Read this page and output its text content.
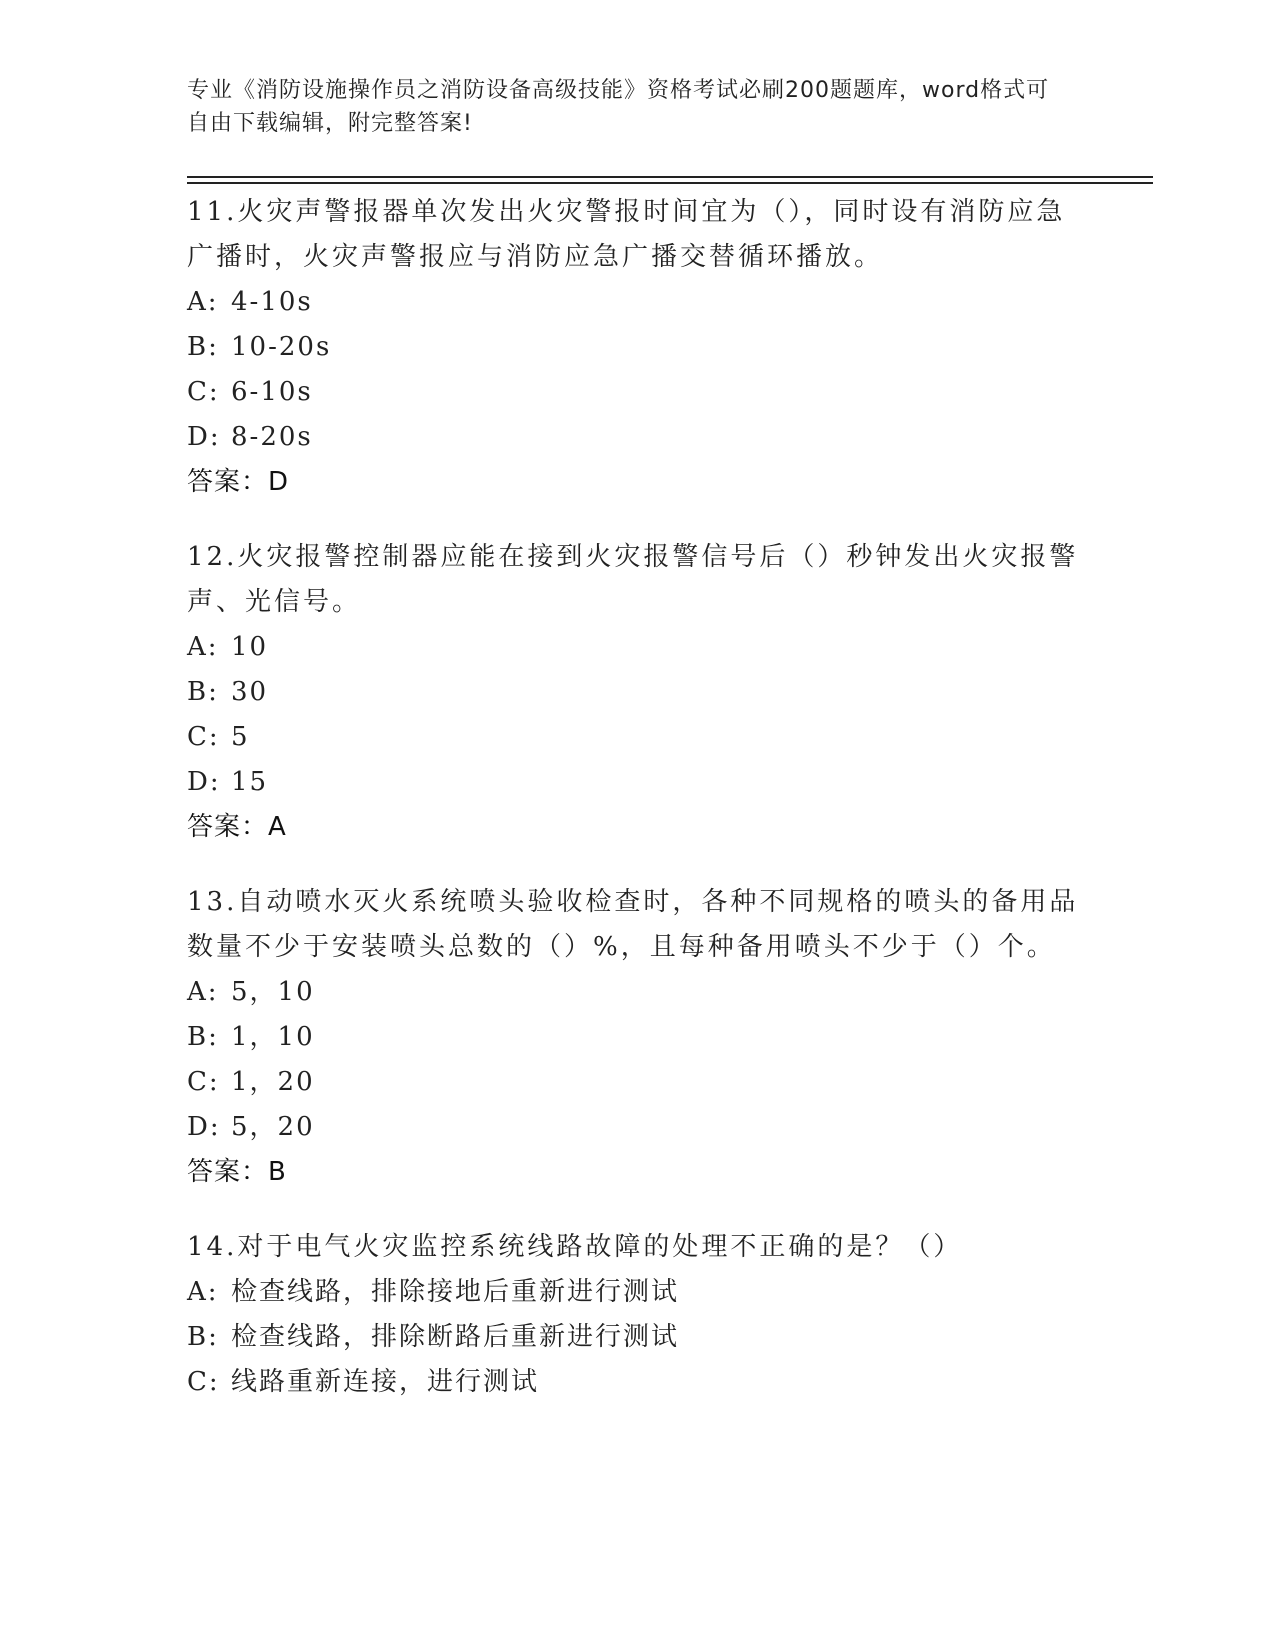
专业《消防设施操作员之消防设备高级技能》资格考试必刷200题题库，word格式可自由下载编辑，附完整答案!

11.火灾声警报器单次发出火灾警报时间宜为（），同时设有消防应急广播时，火灾声警报应与消防应急广播交替循环播放。

A: 4-10s

B: 10-20s

C: 6-10s

D: 8-20s

答案：D

12.火灾报警控制器应能在接到火灾报警信号后（）秒钟发出火灾报警声、光信号。

A: 10

B: 30

C: 5

D: 15

答案：A

13.自动喷水灭火系统喷头验收检查时，各种不同规格的喷头的备用品数量不少于安装喷头总数的（）%，且每种备用喷头不少于（）个。

A: 5，10

B: 1，10

C: 1，20

D: 5，20

答案：B

14.对于电气火灾监控系统线路故障的处理不正确的是？（）

A: 检查线路，排除接地后重新进行测试

B: 检查线路，排除断路后重新进行测试

C: 线路重新连接，进行测试
